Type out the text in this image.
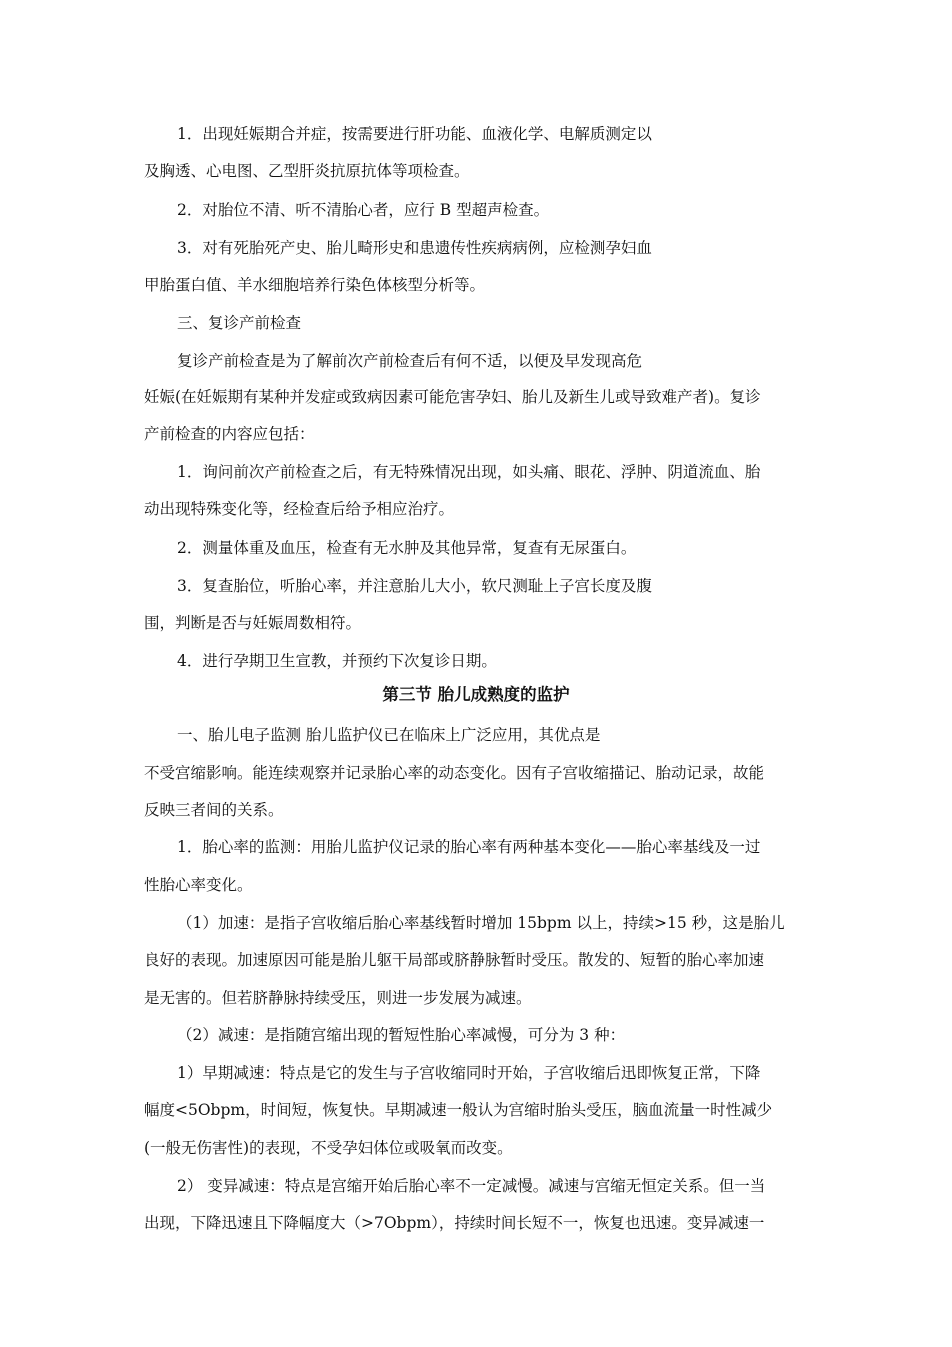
1．出现妊娠期合并症，按需要进行肝功能、血液化学、电解质测定以
及胸透、心电图、乙型肝炎抗原抗体等项检查。
2．对胎位不清、听不清胎心者，应行 B 型超声检查。
3．对有死胎死产史、胎儿畸形史和患遗传性疾病病例，应检测孕妇血
甲胎蛋白值、羊水细胞培养行染色体核型分析等。
三、复诊产前检查
复诊产前检查是为了解前次产前检查后有何不适，以便及早发现高危
妊娠(在妊娠期有某种并发症或致病因素可能危害孕妇、胎儿及新生儿或导致难产者)。复诊
产前检查的内容应包括：
1．询问前次产前检查之后，有无特殊情况出现，如头痛、眼花、浮肿、阴道流血、胎
动出现特殊变化等，经检查后给予相应治疗。
2．测量体重及血压，检查有无水肿及其他异常，复查有无尿蛋白。
3．复查胎位，听胎心率，并注意胎儿大小，软尺测耻上子宫长度及腹
围，判断是否与妊娠周数相符。
4．进行孕期卫生宣教，并预约下次复诊日期。
第三节 胎儿成熟度的监护
一、胎儿电子监测 胎儿监护仪已在临床上广泛应用，其优点是
不受宫缩影响。能连续观察并记录胎心率的动态变化。因有子宫收缩描记、胎动记录，故能
反映三者间的关系。
1．胎心率的监测：用胎儿监护仪记录的胎心率有两种基本变化——胎心率基线及一过
性胎心率变化。
（1）加速：是指子宫收缩后胎心率基线暂时增加 15bpm 以上，持续>15 秒，这是胎儿
良好的表现。加速原因可能是胎儿躯干局部或脐静脉暂时受压。散发的、短暂的胎心率加速
是无害的。但若脐静脉持续受压，则进一步发展为减速。
（2）减速：是指随宫缩出现的暂短性胎心率减慢，可分为 3 种：
1）早期减速：特点是它的发生与子宫收缩同时开始，子宫收缩后迅即恢复正常，下降
幅度<5Obpm，时间短，恢复快。早期减速一般认为宫缩时胎头受压，脑血流量一时性减少
(一般无伤害性)的表现，不受孕妇体位或吸氧而改变。
2） 变异减速：特点是宫缩开始后胎心率不一定减慢。减速与宫缩无恒定关系。但一当
出现，下降迅速且下降幅度大（>7Obpm），持续时间长短不一，恢复也迅速。变异减速一
